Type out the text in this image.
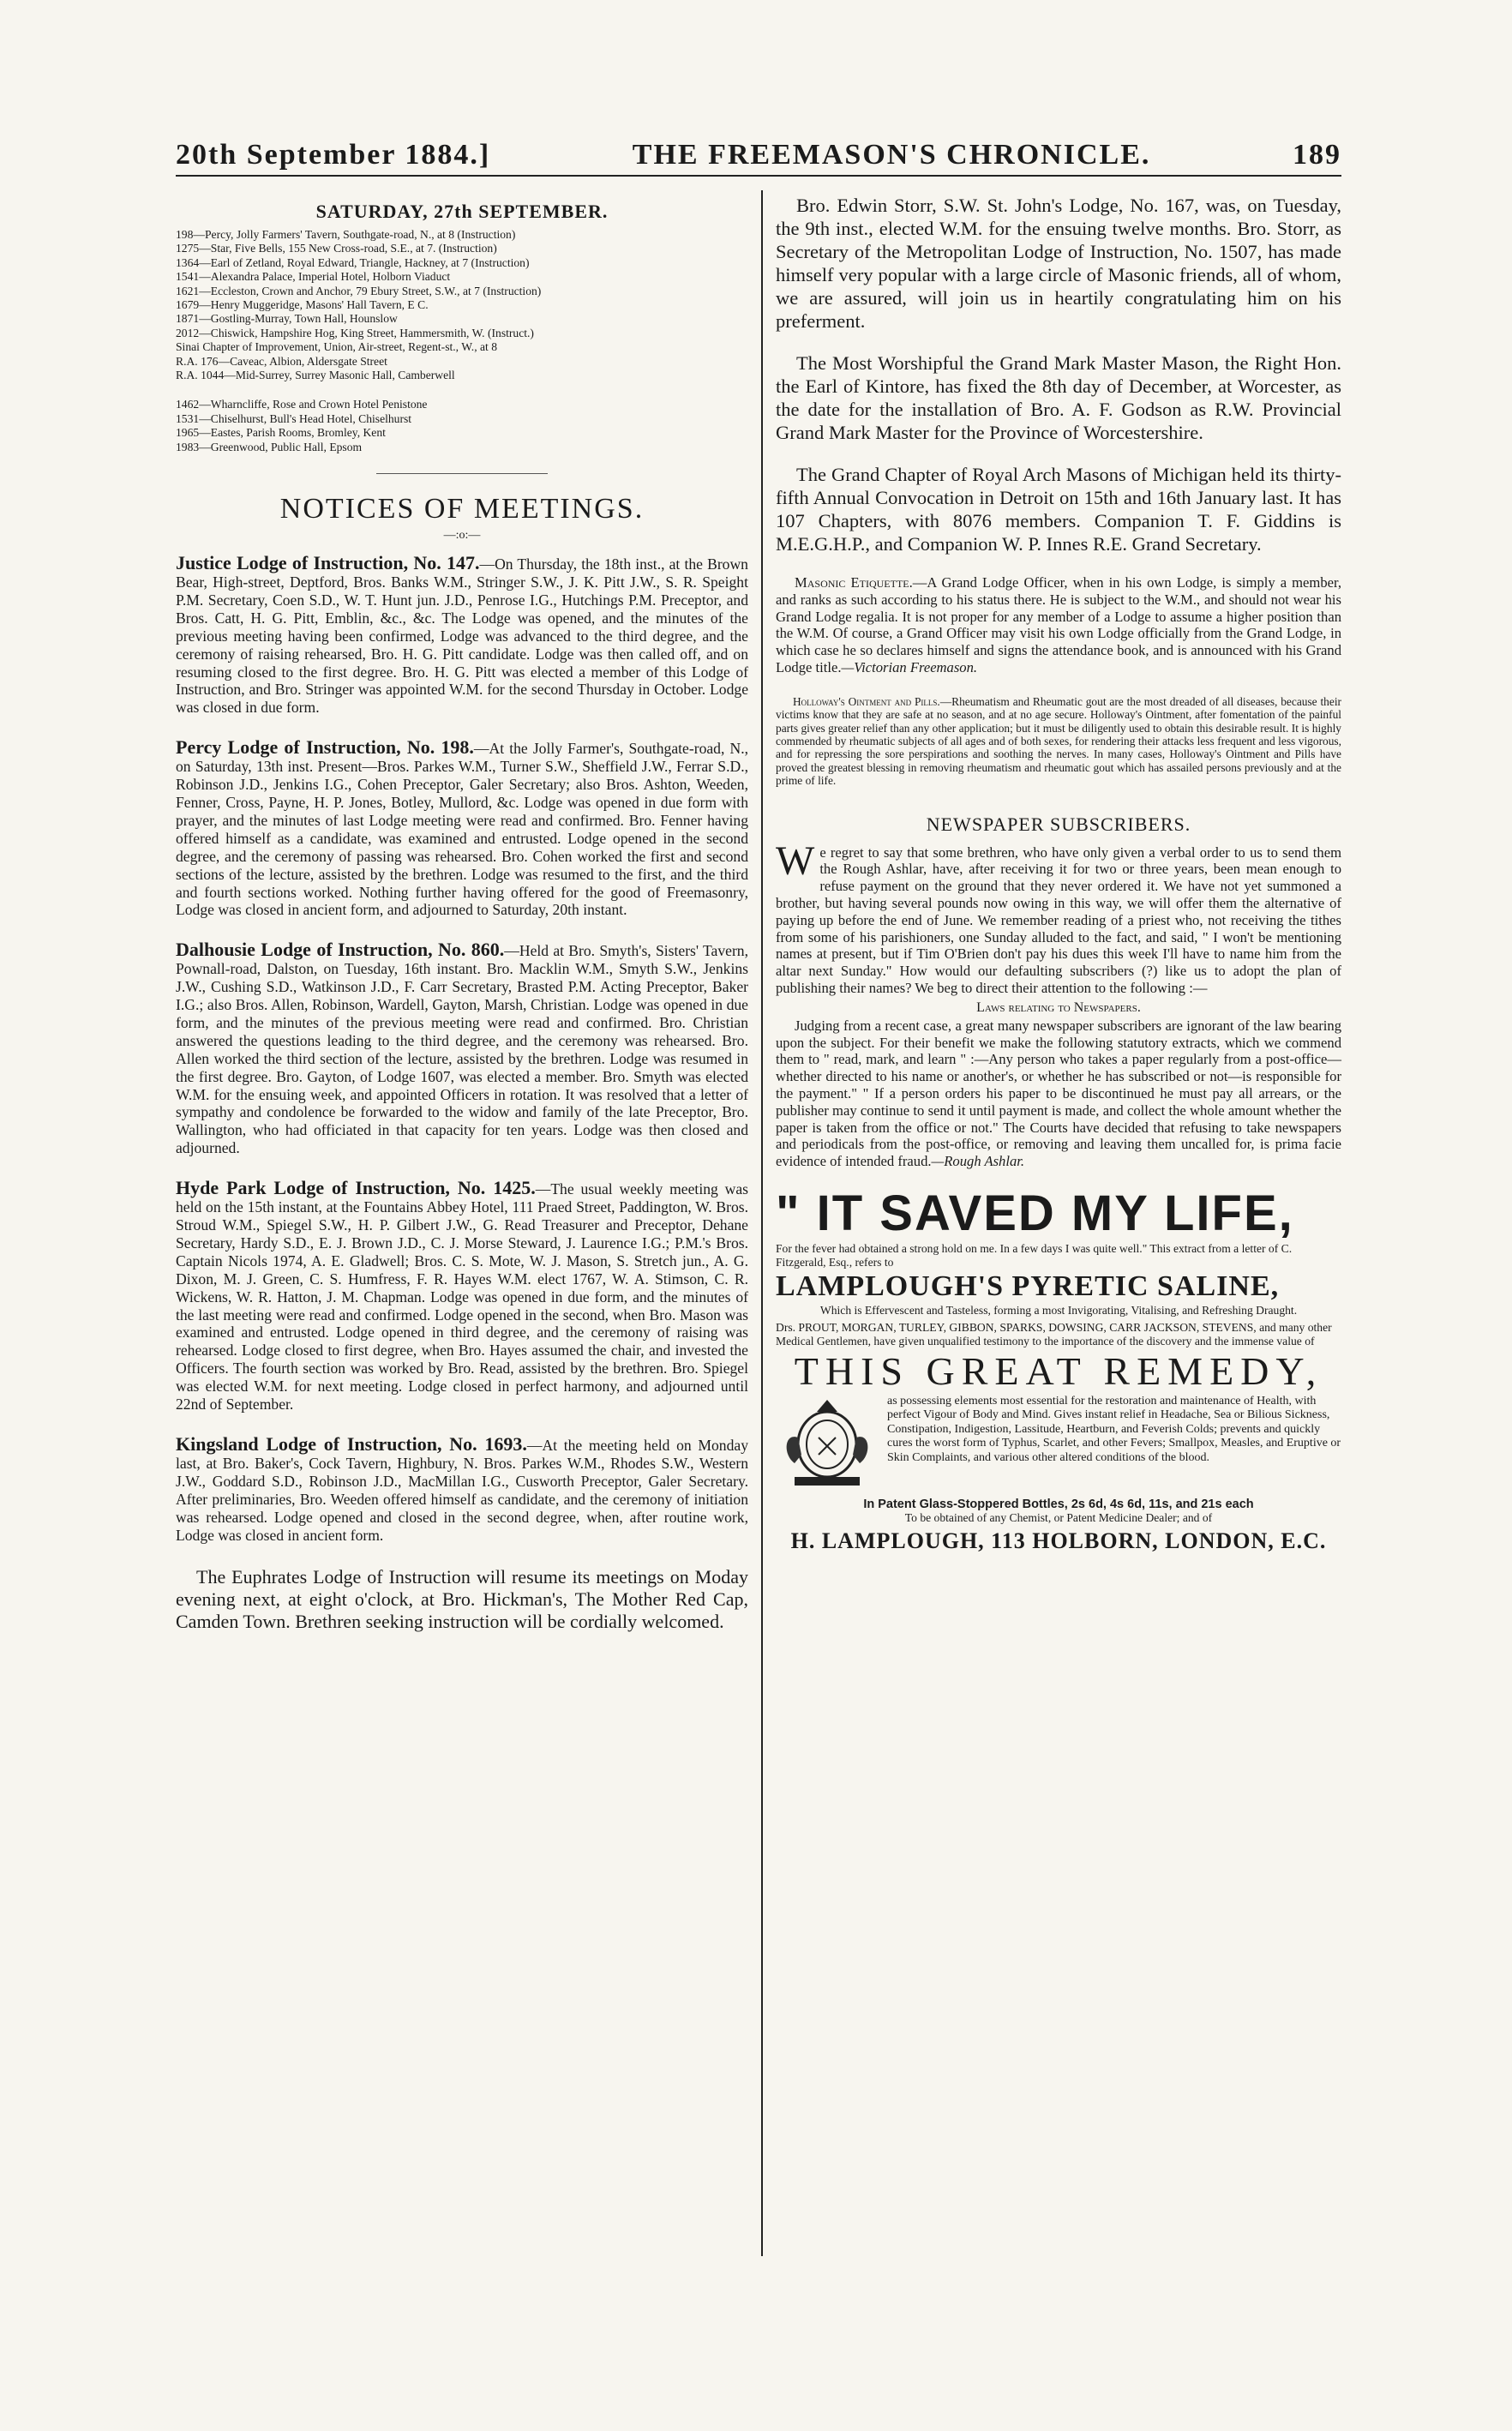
20th September 1884.]	THE FREEMASON'S CHRONICLE.	189
SATURDAY, 27th SEPTEMBER.
198—Percy, Jolly Farmers' Tavern, Southgate-road, N., at 8 (Instruction)
1275—Star, Five Bells, 155 New Cross-road, S.E., at 7. (Instruction)
1364—Earl of Zetland, Royal Edward, Triangle, Hackney, at 7 (Instruction)
1541—Alexandra Palace, Imperial Hotel, Holborn Viaduct
1621—Eccleston, Crown and Anchor, 79 Ebury Street, S.W., at 7 (Instruction)
1679—Henry Muggeridge, Masons' Hall Tavern, E C.
1871—Gostling-Murray, Town Hall, Hounslow
2012—Chiswick, Hampshire Hog, King Street, Hammersmith, W. (Instruct.)
Sinai Chapter of Improvement, Union, Air-street, Regent-st., W., at 8
R.A. 176—Caveac, Albion, Aldersgate Street
R.A. 1044—Mid-Surrey, Surrey Masonic Hall, Camberwell
1462—Wharncliffe, Rose and Crown Hotel Penistone
1531—Chiselhurst, Bull's Head Hotel, Chiselhurst
1965—Eastes, Parish Rooms, Bromley, Kent
1983—Greenwood, Public Hall, Epsom
NOTICES OF MEETINGS.
—:o:—

Justice Lodge of Instruction, No. 147.—On Thursday, the 18th inst., at the Brown Bear, High-street, Deptford, Bros. Banks W.M., Stringer S.W., J. K. Pitt J.W., S. R. Speight P.M. Secretary, Coen S.D., W. T. Hunt jun. J.D., Penrose I.G., Hutchings P.M. Preceptor, and Bros. Catt, H. G. Pitt, Emblin, &c., &c. The Lodge was opened, and the minutes of the previous meeting having been confirmed, Lodge was advanced to the third degree, and the ceremony of raising rehearsed, Bro. H. G. Pitt candidate. Lodge was then called off, and on resuming closed to the first degree. Bro. H. G. Pitt was elected a member of this Lodge of Instruction, and Bro. Stringer was appointed W.M. for the second Thursday in October. Lodge was closed in due form.

Percy Lodge of Instruction, No. 198.—At the Jolly Farmer's, Southgate-road, N., on Saturday, 13th inst. Present—Bros. Parkes W.M., Turner S.W., Sheffield J.W., Ferrar S.D., Robinson J.D., Jenkins I.G., Cohen Preceptor, Galer Secretary; also Bros. Ashton, Weeden, Fenner, Cross, Payne, H. P. Jones, Botley, Mullord, &c. Lodge was opened in due form with prayer, and the minutes of last Lodge meeting were read and confirmed. Bro. Fenner having offered himself as a candidate, was examined and entrusted. Lodge opened in the second degree, and the ceremony of passing was rehearsed. Bro. Cohen worked the first and second sections of the lecture, assisted by the brethren. Lodge was resumed to the first, and the third and fourth sections worked. Nothing further having offered for the good of Freemasonry, Lodge was closed in ancient form, and adjourned to Saturday, 20th instant.

Dalhousie Lodge of Instruction, No. 860.—Held at Bro. Smyth's, Sisters' Tavern, Pownall-road, Dalston, on Tuesday, 16th instant. Bro. Macklin W.M., Smyth S.W., Jenkins J.W., Cushing S.D., Watkinson J.D., F. Carr Secretary, Brasted P.M. Acting Preceptor, Baker I.G.; also Bros. Allen, Robinson, Wardell, Gayton, Marsh, Christian. Lodge was opened in due form, and the minutes of the previous meeting were read and confirmed. Bro. Christian answered the questions leading to the third degree, and the ceremony was rehearsed. Bro. Allen worked the third section of the lecture, assisted by the brethren. Lodge was resumed in the first degree. Bro. Gayton, of Lodge 1607, was elected a member. Bro. Smyth was elected W.M. for the ensuing week, and appointed Officers in rotation. It was resolved that a letter of sympathy and condolence be forwarded to the widow and family of the late Preceptor, Bro. Wallington, who had officiated in that capacity for ten years. Lodge was then closed and adjourned.

Hyde Park Lodge of Instruction, No. 1425.—The usual weekly meeting was held on the 15th instant, at the Fountains Abbey Hotel, 111 Praed Street, Paddington, W. Bros. Stroud W.M., Spiegel S.W., H. P. Gilbert J.W., G. Read Treasurer and Preceptor, Dehane Secretary, Hardy S.D., E. J. Brown J.D., C. J. Morse Steward, J. Laurence I.G.; P.M.'s Bros. Captain Nicols 1974, A. E. Gladwell; Bros. C. S. Mote, W. J. Mason, S. Stretch jun., A. G. Dixon, M. J. Green, C. S. Humfress, F. R. Hayes W.M. elect 1767, W. A. Stimson, C. R. Wickens, W. R. Hatton, J. M. Chapman. Lodge was opened in due form, and the minutes of the last meeting were read and confirmed. Lodge opened in the second, when Bro. Mason was examined and entrusted. Lodge opened in third degree, and the ceremony of raising was rehearsed. Lodge closed to first degree, when Bro. Hayes assumed the chair, and invested the Officers. The fourth section was worked by Bro. Read, assisted by the brethren. Bro. Spiegel was elected W.M. for next meeting. Lodge closed in perfect harmony, and adjourned until 22nd of September.

Kingsland Lodge of Instruction, No. 1693.—At the meeting held on Monday last, at Bro. Baker's, Cock Tavern, Highbury, N. Bros. Parkes W.M., Rhodes S.W., Western J.W., Goddard S.D., Robinson J.D., MacMillan I.G., Cusworth Preceptor, Galer Secretary. After preliminaries, Bro. Weeden offered himself as candidate, and the ceremony of initiation was rehearsed. Lodge opened and closed in the second degree, when, after routine work, Lodge was closed in ancient form.

The Euphrates Lodge of Instruction will resume its meetings on Moday evening next, at eight o'clock, at Bro. Hickman's, The Mother Red Cap, Camden Town. Brethren seeking instruction will be cordially welcomed.

Bro. Edwin Storr, S.W. St. John's Lodge, No. 167, was, on Tuesday, the 9th inst., elected W.M. for the ensuing twelve months. Bro. Storr, as Secretary of the Metropolitan Lodge of Instruction, No. 1507, has made himself very popular with a large circle of Masonic friends, all of whom, we are assured, will join us in heartily congratulating him on his preferment.

The Most Worshipful the Grand Mark Master Mason, the Right Hon. the Earl of Kintore, has fixed the 8th day of December, at Worcester, as the date for the installation of Bro. A. F. Godson as R.W. Provincial Grand Mark Master for the Province of Worcestershire.

The Grand Chapter of Royal Arch Masons of Michigan held its thirty-fifth Annual Convocation in Detroit on 15th and 16th January last. It has 107 Chapters, with 8076 members. Companion T. F. Giddins is M.E.G.H.P., and Companion W. P. Innes R.E. Grand Secretary.

Masonic Etiquette.—A Grand Lodge Officer, when in his own Lodge, is simply a member, and ranks as such according to his status there. He is subject to the W.M., and should not wear his Grand Lodge regalia. It is not proper for any member of a Lodge to assume a higher position than the W.M. Of course, a Grand Officer may visit his own Lodge officially from the Grand Lodge, in which case he so declares himself and signs the attendance book, and is announced with his Grand Lodge title.—Victorian Freemason.

Holloway's Ointment and Pills.—Rheumatism and Rheumatic gout are the most dreaded of all diseases, because their victims know that they are safe at no season, and at no age secure. Holloway's Ointment, after fomentation of the painful parts gives greater relief than any other application; but it must be diligently used to obtain this desirable result. It is highly commended by rheumatic subjects of all ages and of both sexes, for rendering their attacks less frequent and less vigorous, and for repressing the sore perspirations and soothing the nerves. In many cases, Holloway's Ointment and Pills have proved the greatest blessing in removing rheumatism and rheumatic gout which has assailed persons previously and at the prime of life.

NEWSPAPER SUBSCRIBERS.

We regret to say that some brethren, who have only given a verbal order to us to send them the Rough Ashlar, have, after receiving it for two or three years, been mean enough to refuse payment on the ground that they never ordered it. We have not yet summoned a brother, but having several pounds now owing in this way, we will offer them the alternative of paying up before the end of June. We remember reading of a priest who, not receiving the tithes from some of his parishioners, one Sunday alluded to the fact, and said, " I won't be mentioning names at present, but if Tim O'Brien don't pay his dues this week I'll have to name him from the altar next Sunday." How would our defaulting subscribers (?) like us to adopt the plan of publishing their names? We beg to direct their attention to the following :—

Laws relating to Newspapers.

Judging from a recent case, a great many newspaper subscribers are ignorant of the law bearing upon the subject. For their benefit we make the following statutory extracts, which we commend them to " read, mark, and learn " :—Any person who takes a paper regularly from a post-office—whether directed to his name or another's, or whether he has subscribed or not—is responsible for the payment." " If a person orders his paper to be discontinued he must pay all arrears, or the publisher may continue to send it until payment is made, and collect the whole amount whether the paper is taken from the office or not." The Courts have decided that refusing to take newspapers and periodicals from the post-office, or removing and leaving them uncalled for, is prima facie evidence of intended fraud.—Rough Ashlar.

" IT SAVED MY LIFE,

For the fever had obtained a strong hold on me. In a few days I was quite well." This extract from a letter of C. Fitzgerald, Esq., refers to

LAMPLOUGH'S PYRETIC SALINE,

Which is Effervescent and Tasteless, forming a most Invigorating, Vitalising, and Refreshing Draught.

Drs. PROUT, MORGAN, TURLEY, GIBBON, SPARKS, DOWSING, CARR JACKSON, STEVENS, and many other Medical Gentlemen, have given unqualified testimony to the importance of the discovery and the immense value of

THIS GREAT REMEDY,

as possessing elements most essential for the restoration and maintenance of Health, with perfect Vigour of Body and Mind. Gives instant relief in Headache, Sea or Bilious Sickness, Constipation, Indigestion, Lassitude, Heartburn, and Feverish Colds; prevents and quickly cures the worst form of Typhus, Scarlet, and other Fevers; Smallpox, Measles, and Eruptive or Skin Complaints, and various other altered conditions of the blood.

In Patent Glass-Stoppered Bottles, 2s 6d, 4s 6d, 11s, and 21s each

To be obtained of any Chemist, or Patent Medicine Dealer; and of

H. LAMPLOUGH, 113 HOLBORN, LONDON, E.C.
